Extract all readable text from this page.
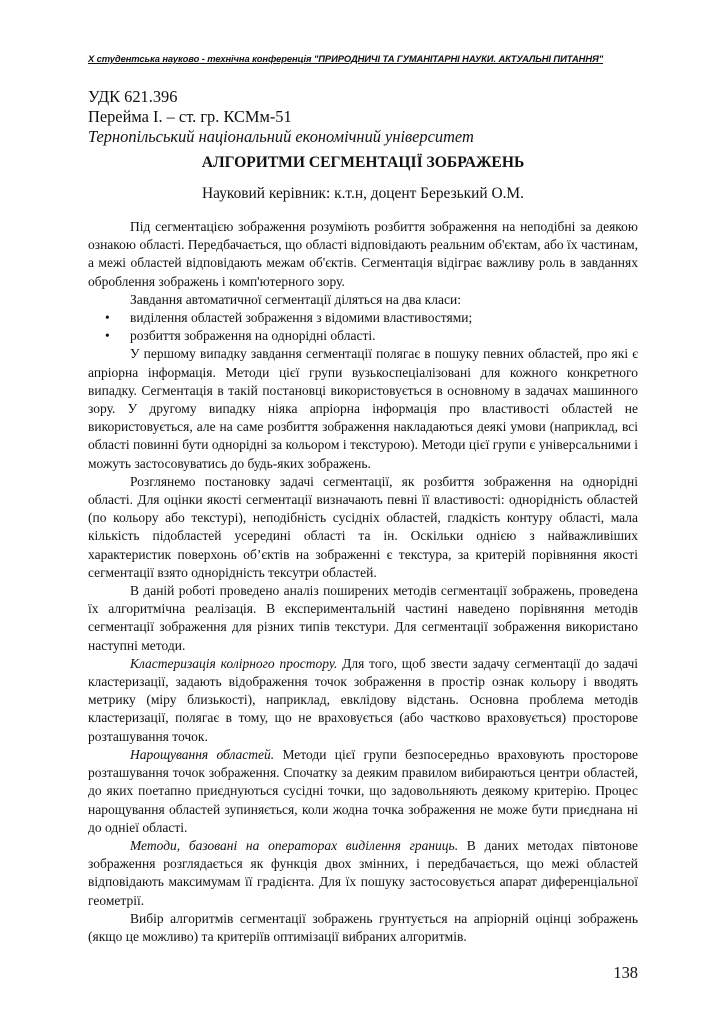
Х студентська науково - технічна конференція "ПРИРОДНИЧІ ТА ГУМАНІТАРНІ НАУКИ. АКТУАЛЬНІ ПИТАННЯ"
УДК 621.396
Перейма І. – ст. гр. КСМм-51
Тернопільський національний економічний університет
АЛГОРИТМИ СЕГМЕНТАЦІЇ ЗОБРАЖЕНЬ
Науковий керівник: к.т.н, доцент Березький О.М.

Під сегментацією зображення розуміють розбиття зображення на неподібні за деякою ознакою області. Передбачається, що області відповідають реальним об'єктам, або їх частинам, а межі областей відповідають межам об'єктів. Сегментація відіграє важливу роль в завданнях оброблення зображень і комп'ютерного зору.

Завдання автоматичної сегментації діляться на два класи:

• виділення областей зображення з відомими властивостями;
• розбиття зображення на однорідні області.

У першому випадку завдання сегментації полягає в пошуку певних областей, про які є апріорна інформація. Методи цієї групи вузькоспеціалізовані для кожного конкретного випадку. Сегментація в такій постановці використовується в основному в задачах машинного зору. У другому випадку ніяка апріорна інформація про властивості областей не використовується, але на саме розбиття зображення накладаються деякі умови (наприклад, всі області повинні бути однорідні за кольором і текстурою). Методи цієї групи є універсальними і можуть застосовуватись до будь-яких зображень.

Розглянемо постановку задачі сегментації, як розбиття зображення на однорідні області. Для оцінки якості сегментації визначають певні її властивості: однорідність областей (по кольору або текстурі), неподібність сусідніх областей, гладкість контуру області, мала кількість підобластей усередині області та ін. Оскільки однією з найважливіших характеристик поверхонь об’єктів на зображенні є текстура, за критерій порівняння якості сегментації взято однорідність тексутри областей.

В даній роботі проведено аналіз поширених методів сегментації зображень, проведена їх алгоритмічна реалізація. В експериментальній частині наведено порівняння методів сегментації зображення для різних типів текстури. Для сегментації зображення використано наступні методи.

Кластеризація колірного простору. Для того, щоб звести задачу сегментації до задачі кластеризації, задають відображення точок зображення в простір ознак кольору і вводять метрику (міру близькості), наприклад, евклідову відстань. Основна проблема методів кластеризації, полягає в тому, що не враховується (або частково враховується) просторове розташування точок.

Нарощування областей. Методи цієї групи безпосередньо враховують просторове розташування точок зображення. Спочатку за деяким правилом вибираються центри областей, до яких поетапно приєднуються сусідні точки, що задовольняють деякому критерію. Процес нарощування областей зупиняється, коли жодна точка зображення не може бути приєднана ні до одніеї області.

Методи, базовані на операторах виділення границь. В даних методах півтонове зображення розглядається як функція двох змінних, і передбачається, що межі областей відповідають максимумам її градієнта. Для їх пошуку застосовується апарат диференціальної геометрії.

Вибір алгоритмів сегментації зображень грунтується на апріорній оцінці зображень (якщо це можливо) та критеріїв оптимізації вибраних алгоритмів.

138
